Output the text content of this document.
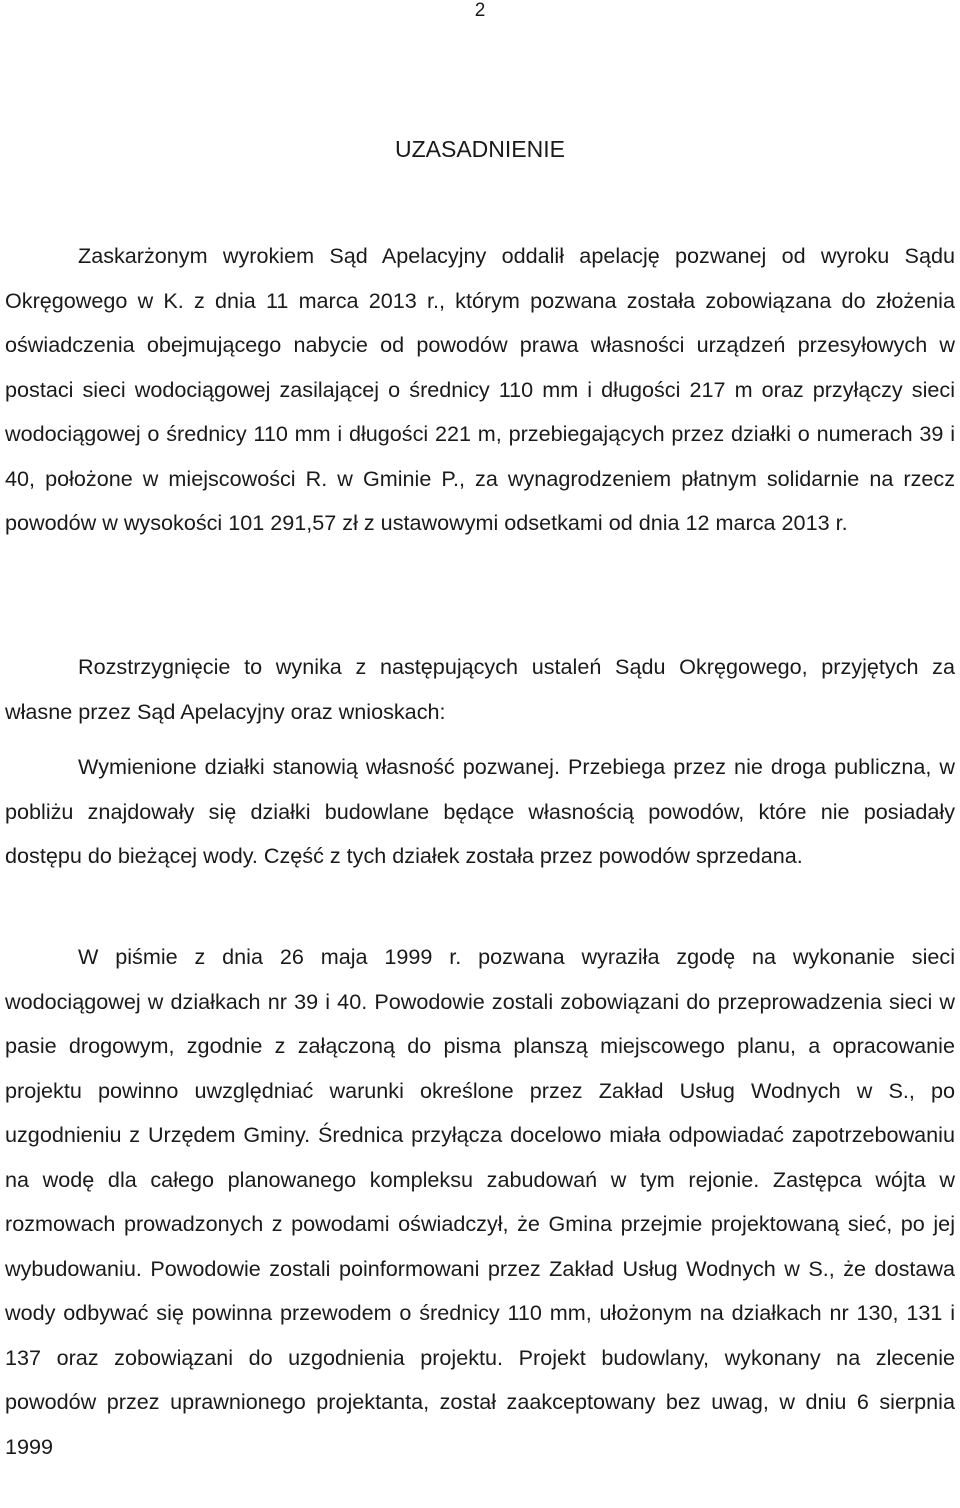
2
UZASADNIENIE

Zaskarżonym wyrokiem Sąd Apelacyjny oddalił apelację pozwanej od wyroku Sądu Okręgowego w K. z dnia 11 marca 2013 r., którym pozwana została zobowiązana do złożenia oświadczenia obejmującego nabycie od powodów prawa własności urządzeń przesyłowych w postaci sieci wodociągowej zasilającej o średnicy 110 mm i długości 217 m oraz przyłączy sieci wodociągowej o średnicy 110 mm i długości 221 m, przebiegających przez działki o numerach 39 i 40, położone w miejscowości R. w Gminie P., za wynagrodzeniem płatnym solidarnie na rzecz powodów w wysokości 101 291,57 zł z ustawowymi odsetkami od dnia 12 marca 2013 r.

Rozstrzygnięcie to wynika z następujących ustaleń Sądu Okręgowego, przyjętych za własne przez Sąd Apelacyjny oraz wnioskach:

Wymienione działki stanowią własność pozwanej. Przebiega przez nie droga publiczna, w pobliżu znajdowały się działki budowlane będące własnością powodów, które nie posiadały dostępu do bieżącej wody. Część z tych działek została przez powodów sprzedana.

W piśmie z dnia 26 maja 1999 r. pozwana wyraziła zgodę na wykonanie sieci wodociągowej w działkach nr 39 i 40. Powodowie zostali zobowiązani do przeprowadzenia sieci w pasie drogowym, zgodnie z załączoną do pisma planszą miejscowego planu, a opracowanie projektu powinno uwzględniać warunki określone przez Zakład Usług Wodnych w S., po uzgodnieniu z Urzędem Gminy. Średnica przyłącza docelowo miała odpowiadać zapotrzebowaniu na wodę dla całego planowanego kompleksu zabudowań w tym rejonie. Zastępca wójta w rozmowach prowadzonych z powodami oświadczył, że Gmina przejmie projektowaną sieć, po jej wybudowaniu. Powodowie zostali poinformowani przez Zakład Usług Wodnych w S., że dostawa wody odbywać się powinna przewodem o średnicy 110 mm, ułożonym na działkach nr 130, 131 i 137 oraz zobowiązani do uzgodnienia projektu. Projekt budowlany, wykonany na zlecenie powodów przez uprawnionego projektanta, został zaakceptowany bez uwag, w dniu 6 sierpnia 1999
